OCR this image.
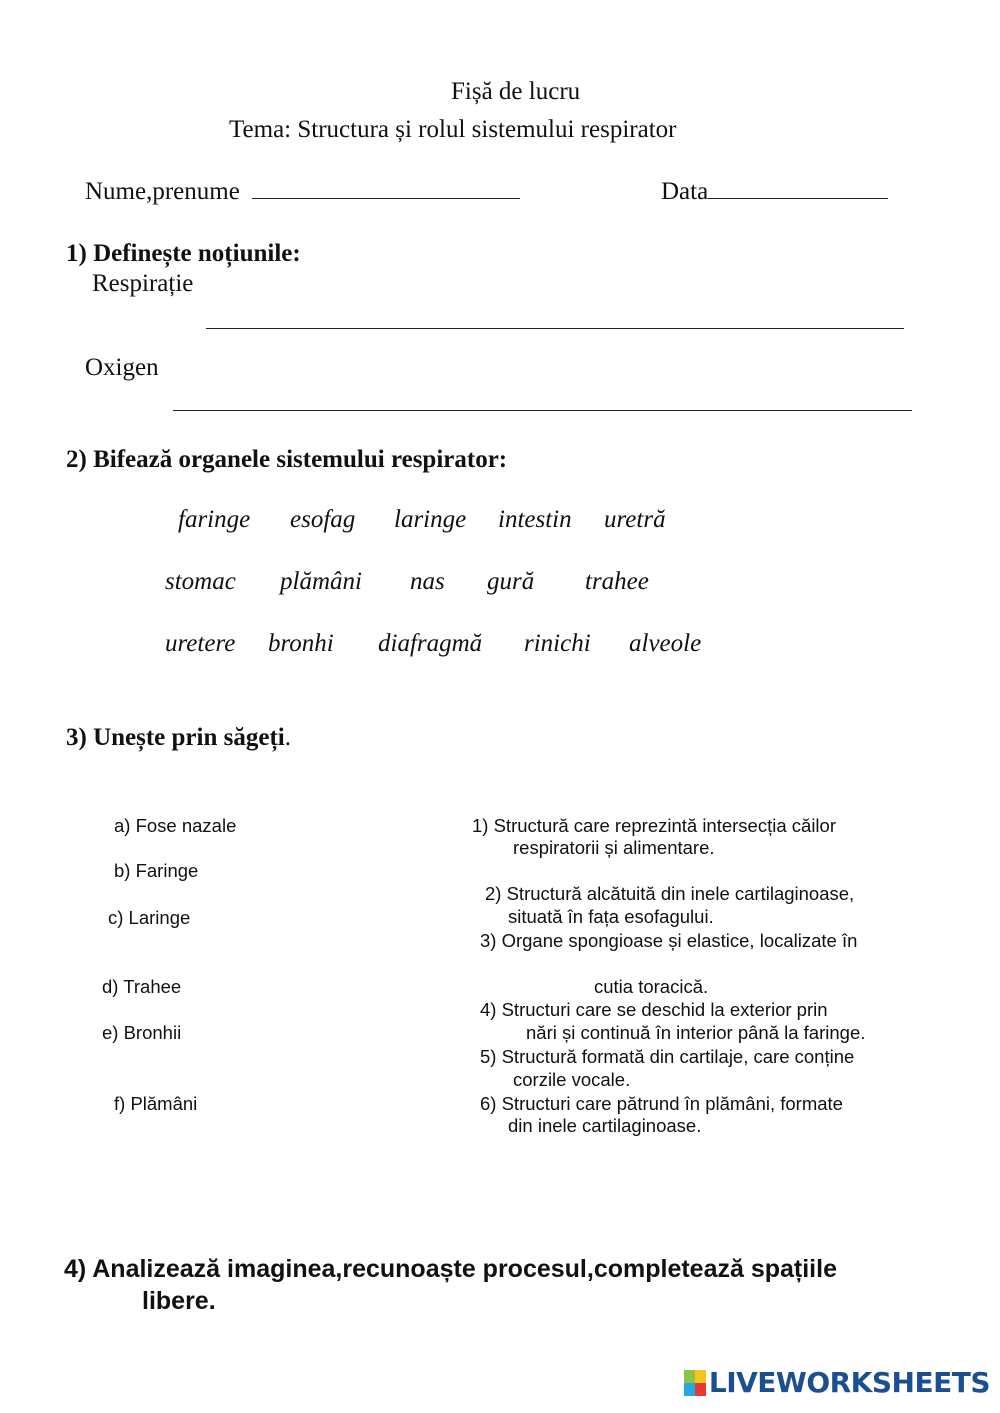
Fișă de lucru
Tema: Structura și rolul sistemului respirator
Nume,prenume	Data
1) Definește noțiunile:
Respirație
Oxigen
2) Bifează organele sistemului respirator:
faringe esofag laringe intestin uretră
stomac plămâni nas gură trahee
uretere bronhi diafragmă rinichi alveole
3) Unește prin săgeți.
a) Fose nazale
b) Faringe
c) Laringe
d) Trahee
e) Bronhii
f) Plămâni
1) Structură care reprezintă intersecția căilor
respiratorii și alimentare.
2) Structură alcătuită din inele cartilaginoase,
situată în fața esofagului.
3) Organe spongioase și elastice, localizate în
cutia toracică.
4) Structuri care se deschid la exterior prin
nări și continuă în interior până la faringe.
5) Structură formată din cartilaje, care conține
corzile vocale.
6) Structuri care pătrund în plămâni, formate
din inele cartilaginoase.
4) Analizează imaginea,recunoaște procesul,completează spațiile
libere.
LIVEWORKSHEETS
